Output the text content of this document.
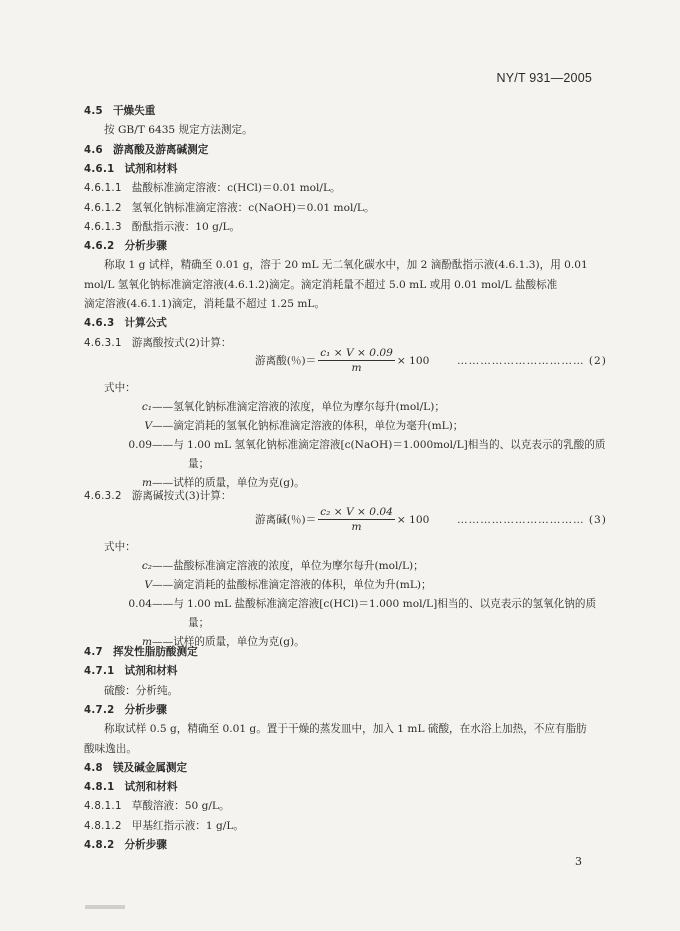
NY/T 931—2005
4.5 干燥失重
按 GB/T 6435 规定方法测定。
4.6 游离酸及游离碱测定
4.6.1 试剂和材料
4.6.1.1 盐酸标准滴定溶液：c(HCl)＝0.01 mol/L。
4.6.1.2 氢氧化钠标准滴定溶液：c(NaOH)＝0.01 mol/L。
4.6.1.3 酚酞指示液：10 g/L。
4.6.2 分析步骤
称取 1 g 试样，精确至 0.01 g，溶于 20 mL 无二氧化碳水中，加 2 滴酚酞指示液(4.6.1.3)，用 0.01
mol/L 氢氧化钠标准滴定溶液(4.6.1.2)滴定。滴定消耗量不超过 5.0 mL 或用 0.01 mol/L 盐酸标准
滴定溶液(4.6.1.1)滴定，消耗量不超过 1.25 mL。
4.6.3 计算公式
4.6.3.1 游离酸按式(2)计算：
游离酸(％)＝ $\frac{\text{c₁ × V × 0.09}}{m} \times 100$	…………………………… (2)
式中：
c₁——氢氧化钠标准滴定溶液的浓度，单位为摩尔每升(mol/L)；
V——滴定消耗的氢氧化钠标准滴定溶液的体积，单位为毫升(mL)；
0.09——与 1.00 mL 氢氧化钠标准滴定溶液[c(NaOH)＝1.000mol/L]相当的、以克表示的乳酸的质
量；
m——试样的质量，单位为克(g)。
4.6.3.2 游离碱按式(3)计算：
游离碱(％)＝ $\frac{\text{c₂ × V × 0.04}}{m} \times 100$	…………………………… (3)
式中：
c₂——盐酸标准滴定溶液的浓度，单位为摩尔每升(mol/L)；
V——滴定消耗的盐酸标准滴定溶液的体积，单位为升(mL)；
0.04——与 1.00 mL 盐酸标准滴定溶液[c(HCl)＝1.000 mol/L]相当的、以克表示的氢氧化钠的质
量；
m——试样的质量，单位为克(g)。
4.7 挥发性脂肪酸测定
4.7.1 试剂和材料
硫酸：分析纯。
4.7.2 分析步骤
称取试样 0.5 g，精确至 0.01 g。置于干燥的蒸发皿中，加入 1 mL 硫酸，在水浴上加热，不应有脂肪
酸味逸出。
4.8 镁及碱金属测定
4.8.1 试剂和材料
4.8.1.1 草酸溶液：50 g/L。
4.8.1.2 甲基红指示液：1 g/L。
4.8.2 分析步骤
3
